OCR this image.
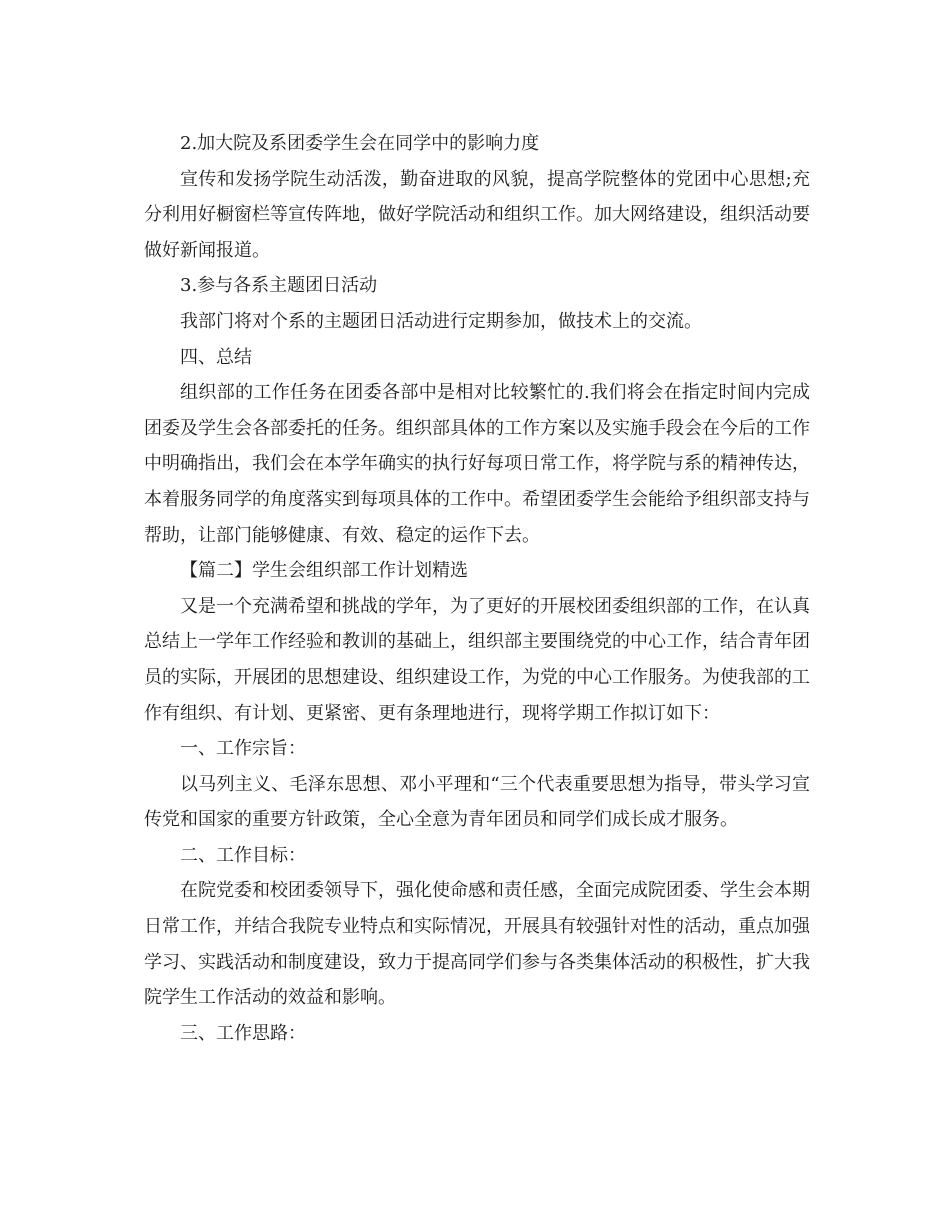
2.加大院及系团委学生会在同学中的影响力度

宣传和发扬学院生动活泼，勤奋进取的风貌，提高学院整体的党团中心思想;充分利用好橱窗栏等宣传阵地，做好学院活动和组织工作。加大网络建设，组织活动要做好新闻报道。

3.参与各系主题团日活动

我部门将对个系的主题团日活动进行定期参加，做技术上的交流。

四、总结

组织部的工作任务在团委各部中是相对比较繁忙的.我们将会在指定时间内完成团委及学生会各部委托的任务。组织部具体的工作方案以及实施手段会在今后的工作中明确指出，我们会在本学年确实的执行好每项日常工作，将学院与系的精神传达，本着服务同学的角度落实到每项具体的工作中。希望团委学生会能给予组织部支持与帮助，让部门能够健康、有效、稳定的运作下去。

【篇二】学生会组织部工作计划精选

又是一个充满希望和挑战的学年，为了更好的开展校团委组织部的工作，在认真总结上一学年工作经验和教训的基础上，组织部主要围绕党的中心工作，结合青年团员的实际，开展团的思想建设、组织建设工作，为党的中心工作服务。为使我部的工作有组织、有计划、更紧密、更有条理地进行，现将学期工作拟订如下：

一、工作宗旨：

以马列主义、毛泽东思想、邓小平理和“三个代表重要思想为指导，带头学习宣传党和国家的重要方针政策，全心全意为青年团员和同学们成长成才服务。

二、工作目标：

在院党委和校团委领导下，强化使命感和责任感，全面完成院团委、学生会本期日常工作，并结合我院专业特点和实际情况，开展具有较强针对性的活动，重点加强学习、实践活动和制度建设，致力于提高同学们参与各类集体活动的积极性，扩大我院学生工作活动的效益和影响。

三、工作思路：
